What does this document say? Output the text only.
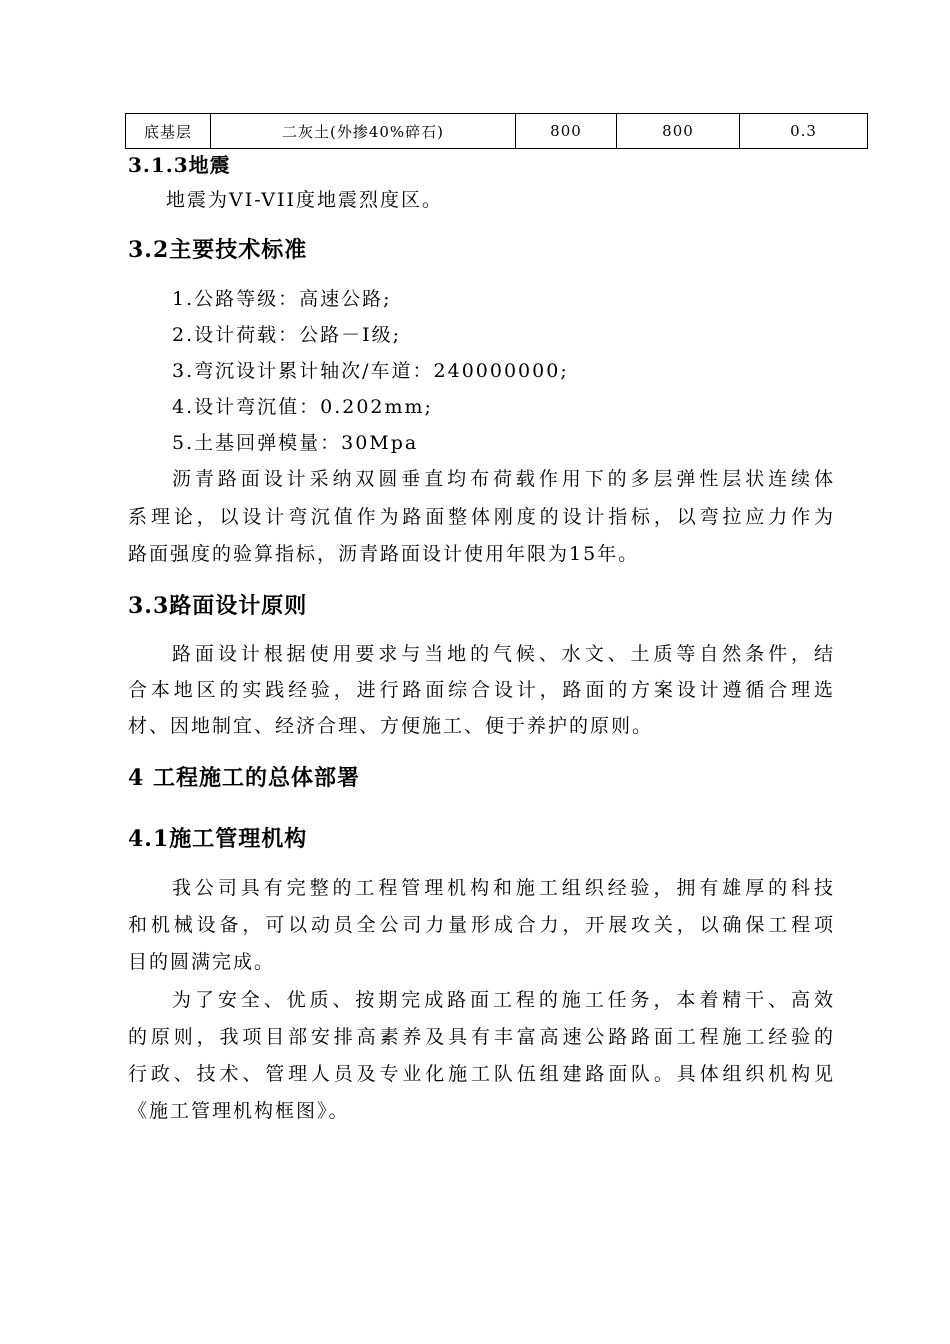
底基层	二灰土(外掺40%碎石)	800	800	0.3
3.1.3地震
地震为VI-VII度地震烈度区。
3.2主要技术标准
1.公路等级：高速公路;
2.设计荷载：公路－I级;
3.弯沉设计累计轴次/车道：240000000;
4.设计弯沉值：0.202mm;
5.土基回弹模量：30Mpa
沥青路面设计采纳双圆垂直均布荷载作用下的多层弹性层状连续体
系理论，以设计弯沉值作为路面整体刚度的设计指标，以弯拉应力作为
路面强度的验算指标，沥青路面设计使用年限为15年。
3.3路面设计原则
路面设计根据使用要求与当地的气候、水文、土质等自然条件，结
合本地区的实践经验，进行路面综合设计，路面的方案设计遵循合理选
材、因地制宜、经济合理、方便施工、便于养护的原则。
4 工程施工的总体部署
4.1施工管理机构
我公司具有完整的工程管理机构和施工组织经验，拥有雄厚的科技
和机械设备，可以动员全公司力量形成合力，开展攻关，以确保工程项
目的圆满完成。
为了安全、优质、按期完成路面工程的施工任务，本着精干、高效
的原则，我项目部安排高素养及具有丰富高速公路路面工程施工经验的
行政、技术、管理人员及专业化施工队伍组建路面队。具体组织机构见
《施工管理机构框图》。
